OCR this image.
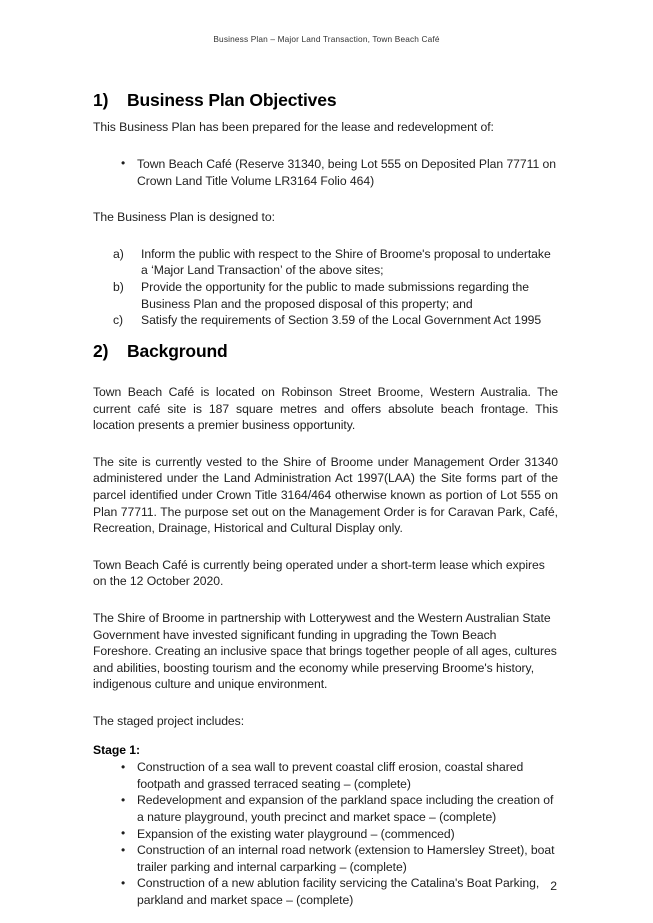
Business Plan – Major Land Transaction, Town Beach Café
1)	Business Plan Objectives

This Business Plan has been prepared for the lease and redevelopment of:

• Town Beach Café (Reserve 31340, being Lot 555 on Deposited Plan 77711 on Crown Land Title Volume LR3164 Folio 464)

The Business Plan is designed to:

Inform the public with respect to the Shire of Broome's proposal to undertake a ‘Major Land Transaction’ of the above sites;
Provide the opportunity for the public to made submissions regarding the Business Plan and the proposed disposal of this property; and
Satisfy the requirements of Section 3.59 of the Local Government Act 1995
2)	Background

Town Beach Café is located on Robinson Street Broome, Western Australia. The current café site is 187 square metres and offers absolute beach frontage. This location presents a premier business opportunity.

The site is currently vested to the Shire of Broome under Management Order 31340 administered under the Land Administration Act 1997(LAA) the Site forms part of the parcel identified under Crown Title 3164/464 otherwise known as portion of Lot 555 on Plan 77711. The purpose set out on the Management Order is for Caravan Park, Café, Recreation, Drainage, Historical and Cultural Display only.

Town Beach Café is currently being operated under a short-term lease which expires on the 12 October 2020.

The Shire of Broome in partnership with Lotterywest and the Western Australian State Government have invested significant funding in upgrading the Town Beach Foreshore. Creating an inclusive space that brings together people of all ages, cultures and abilities, boosting tourism and the economy while preserving Broome's history, indigenous culture and unique environment.

The staged project includes:

Stage 1:
• Construction of a sea wall to prevent coastal cliff erosion, coastal shared footpath and grassed terraced seating – (complete)
• Redevelopment and expansion of the parkland space including the creation of a nature playground, youth precinct and market space – (complete)
• Expansion of the existing water playground – (commenced)
• Construction of an internal road network (extension to Hamersley Street), boat trailer parking and internal carparking – (complete)
• Construction of a new ablution facility servicing the Catalina's Boat Parking, parkland and market space – (complete)
2
